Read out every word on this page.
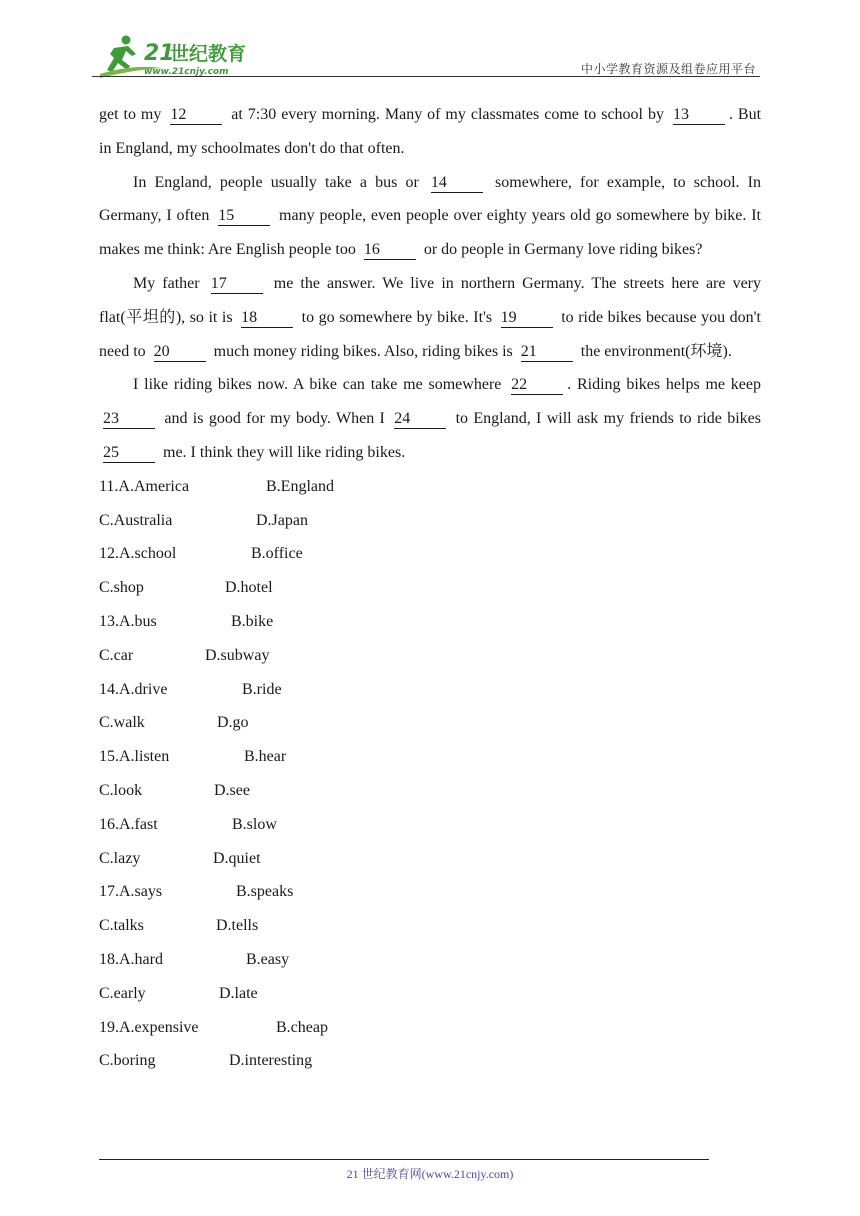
21
世纪教育
www.21cnjy.com	中小学教育资源及组卷应用平台

get to my 12	at 7:30 every morning. Many of my classmates come to school by 13	. But in England, my schoolmates don't do that often.

In England, people usually take a bus or 14	somewhere, for example, to school. In Germany, I often 15	many people, even people over eighty years old go somewhere by bike. It makes me think: Are English people too 16	or do people in Germany love riding bikes?

My father 17	me the answer. We live in northern Germany. The streets here are very flat(平坦的), so it is 18	to go somewhere by bike. It's 19	to ride bikes because you don't need to 20	much money riding bikes. Also, riding bikes is 21	the environment(环境).

I like riding bikes now. A bike can take me somewhere 22	. Riding bikes helps me keep 23	and is good for my body. When I 24	to England, I will ask my friends to ride bikes 25	me. I think they will like riding bikes.

11.A.America	B.England
C.Australia	D.Japan
12.A.school	B.office
C.shop	D.hotel
13.A.bus	B.bike
C.car	D.subway
14.A.drive	B.ride
C.walk	D.go
15.A.listen	B.hear
C.look	D.see
16.A.fast	B.slow
C.lazy	D.quiet
17.A.says	B.speaks
C.talks	D.tells
18.A.hard	B.easy
C.early	D.late
19.A.expensive	B.cheap
C.boring	D.interesting
21 世纪教育网(www.21cnjy.com)
